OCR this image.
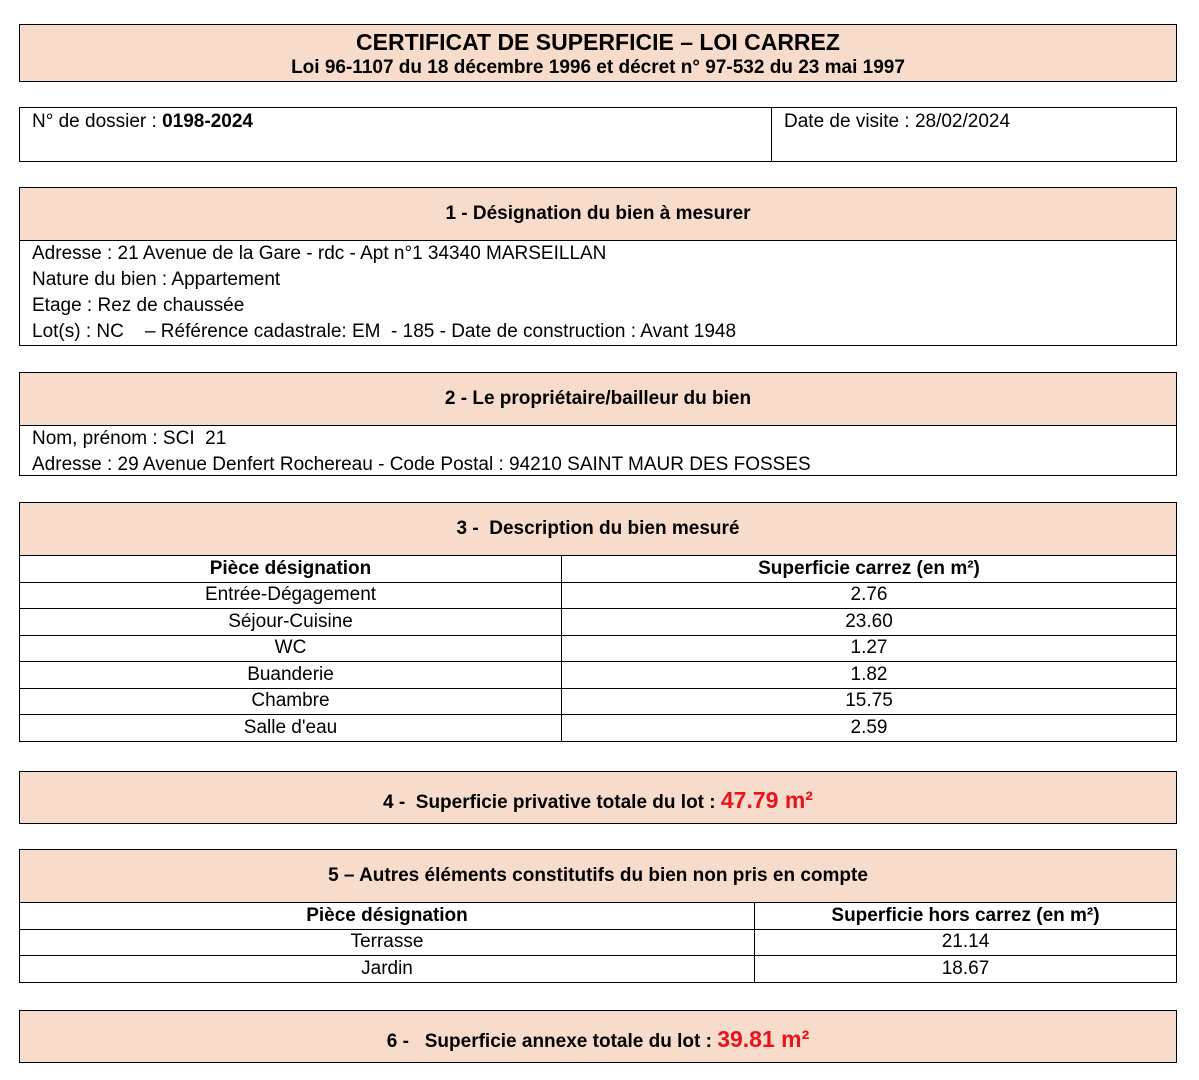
CERTIFICAT DE SUPERFICIE – LOI CARREZ
Loi 96-1107 du 18 décembre 1996 et décret n° 97-532 du 23 mai 1997
N° de dossier : 0198-2024	Date de visite : 28/02/2024
1 - Désignation du bien à mesurer
Adresse : 21 Avenue de la Gare - rdc - Apt n°1 34340 MARSEILLAN
Nature du bien : Appartement
Etage : Rez de chaussée
Lot(s) : NC    – Référence cadastrale: EM  - 185 - Date de construction : Avant 1948
2 - Le propriétaire/bailleur du bien
Nom, prénom : SCI  21
Adresse : 29 Avenue Denfert Rochereau - Code Postal : 94210 SAINT MAUR DES FOSSES
3 -  Description du bien mesuré
Pièce désignation	Superficie carrez (en m²)
Entrée-Dégagement	2.76
Séjour-Cuisine	23.60
WC	1.27
Buanderie	1.82
Chambre	15.75
Salle d'eau	2.59
4 -  Superficie privative totale du lot : 47.79 m²
5 – Autres éléments constitutifs du bien non pris en compte
Pièce désignation	Superficie hors carrez (en m²)
Terrasse	21.14
Jardin	18.67
6 -   Superficie annexe totale du lot : 39.81 m²
